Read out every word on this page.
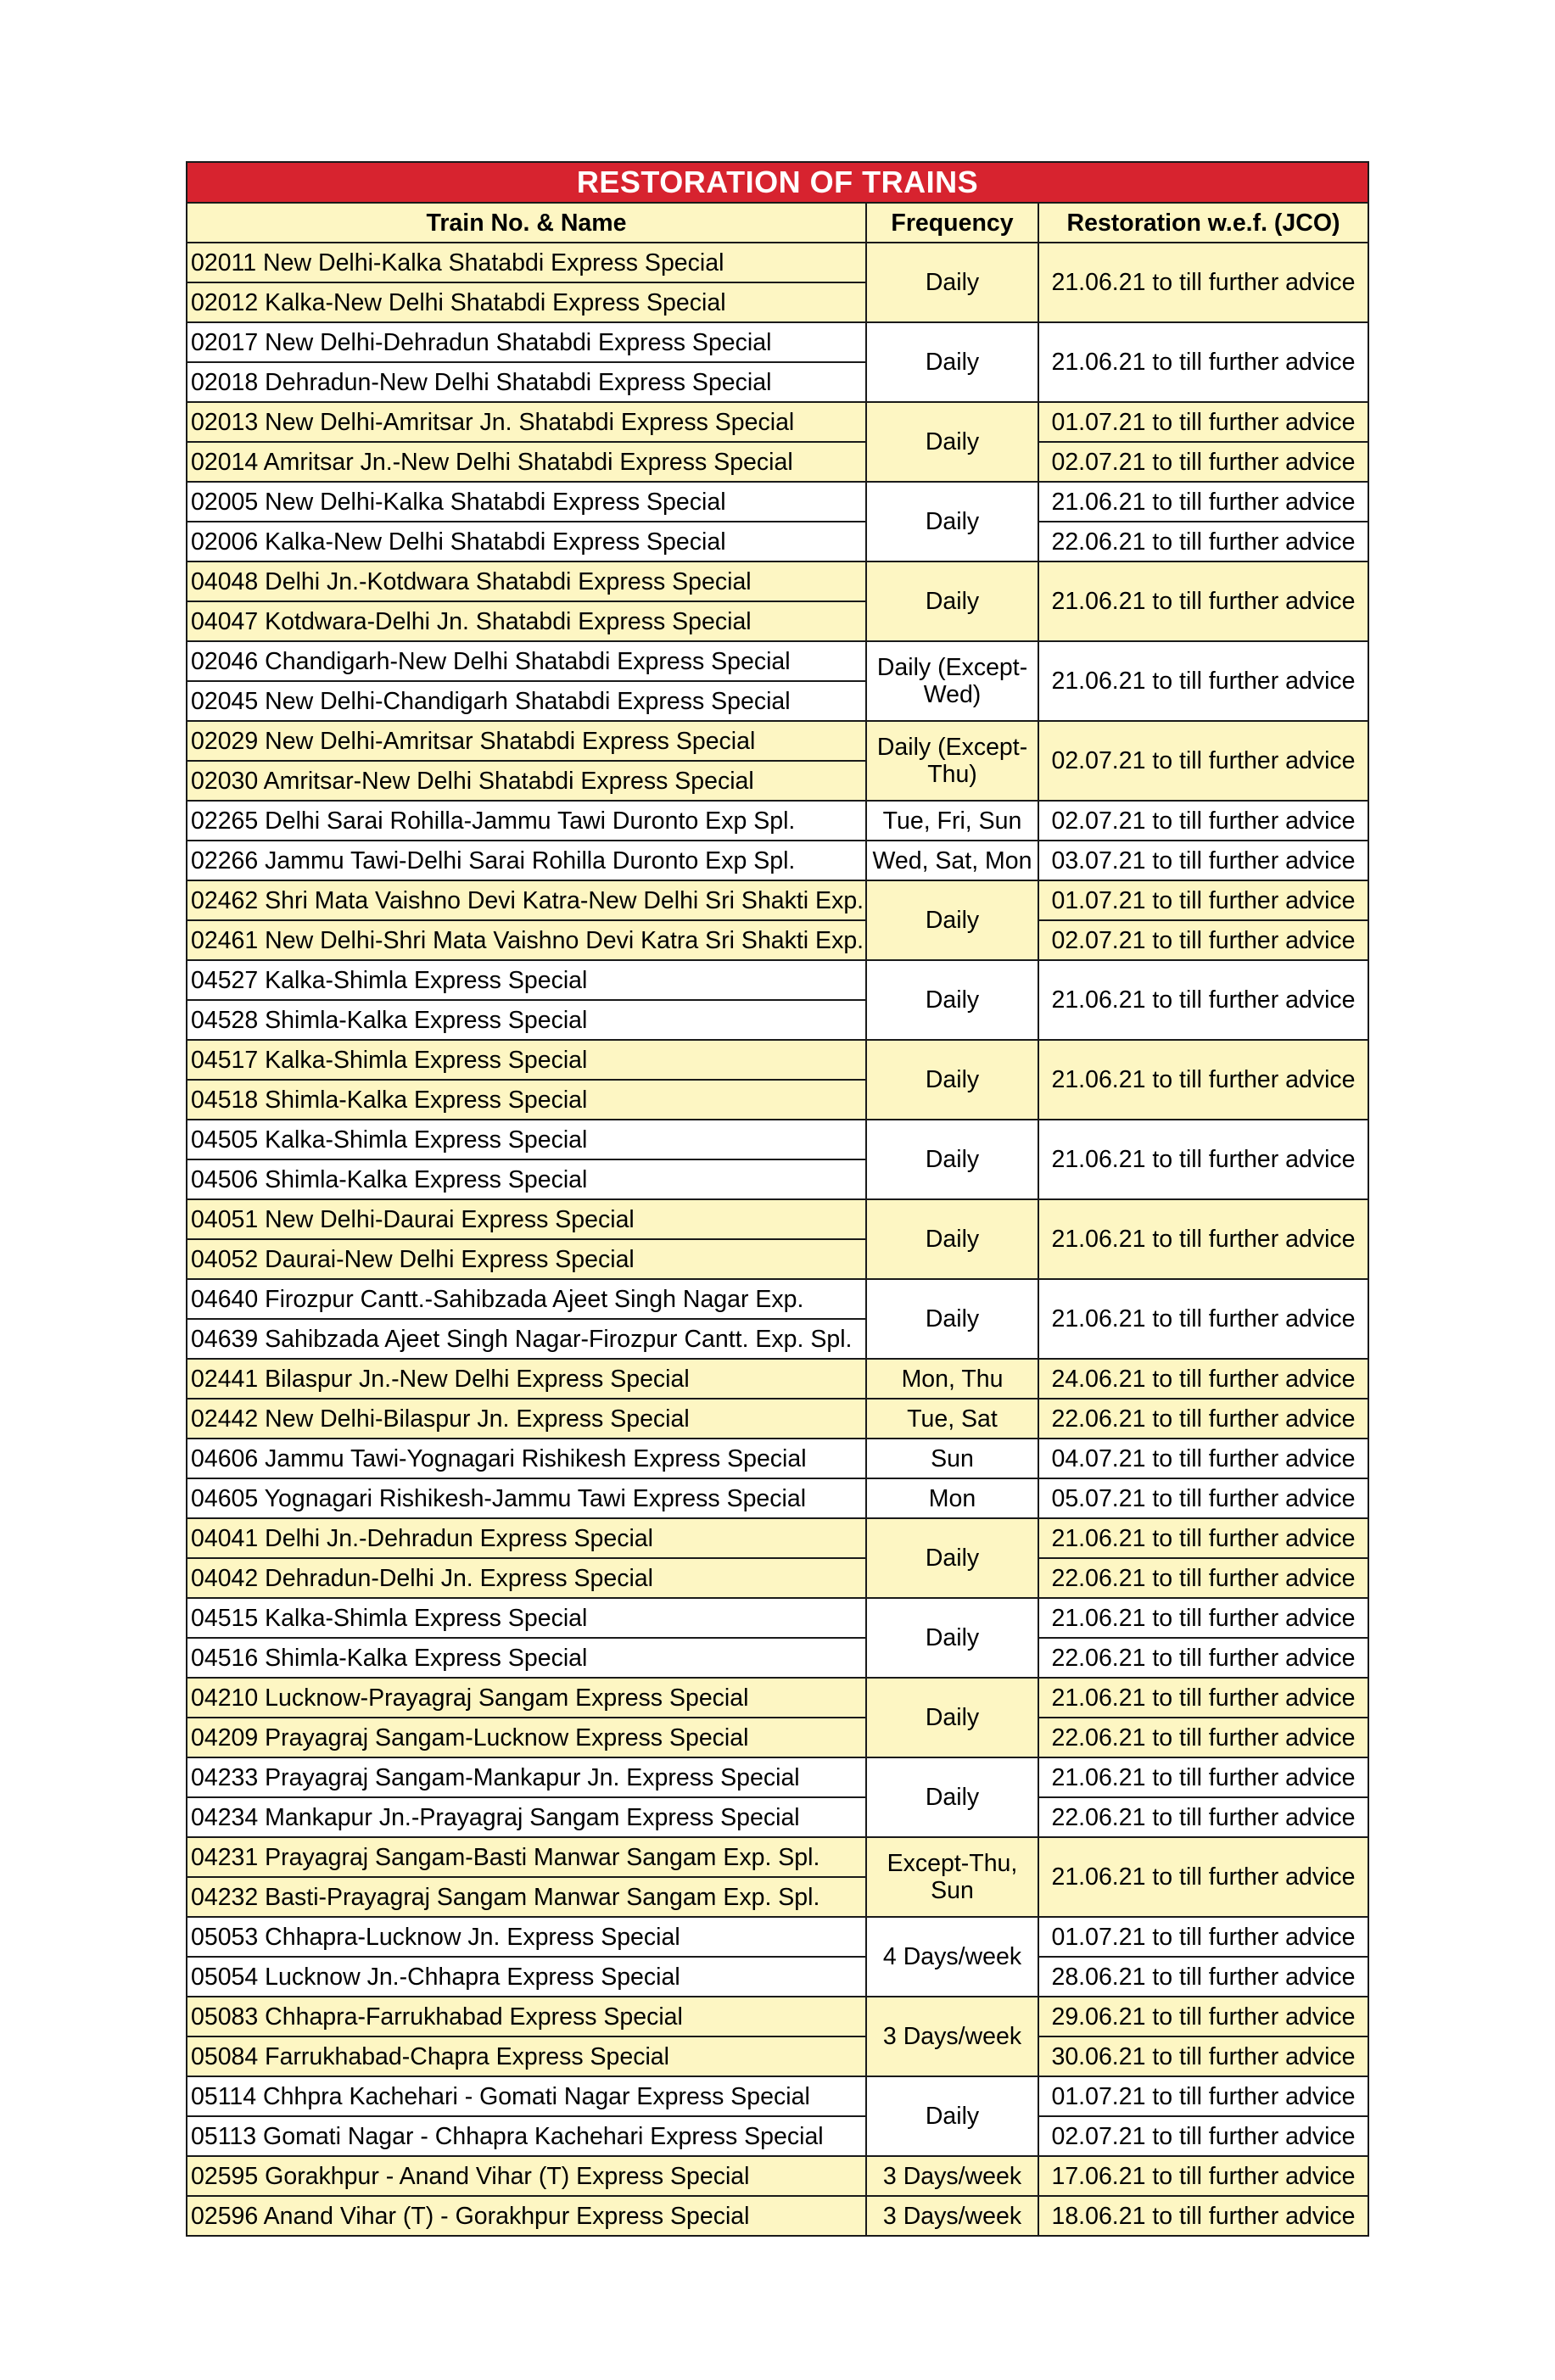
RESTORATION OF TRAINS		
Train No. & Name	Frequency	Restoration w.e.f. (JCO)
02011 New Delhi-Kalka Shatabdi Express Special	Daily	21.06.21 to till further advice
02012 Kalka-New Delhi Shatabdi Express Special		
02017 New Delhi-Dehradun Shatabdi Express Special	Daily	21.06.21 to till further advice
02018 Dehradun-New Delhi Shatabdi Express Special		
02013 New Delhi-Amritsar Jn. Shatabdi Express Special	Daily	01.07.21 to till further advice
02014 Amritsar Jn.-New Delhi Shatabdi Express Special		02.07.21 to till further advice
02005 New Delhi-Kalka Shatabdi Express Special	Daily	21.06.21 to till further advice
02006 Kalka-New Delhi Shatabdi Express Special		22.06.21 to till further advice
04048 Delhi Jn.-Kotdwara Shatabdi Express Special	Daily	21.06.21 to till further advice
04047 Kotdwara-Delhi Jn. Shatabdi Express Special		
02046 Chandigarh-New Delhi Shatabdi Express Special	Daily (Except-Wed)	21.06.21 to till further advice
02045 New Delhi-Chandigarh Shatabdi Express Special		
02029 New Delhi-Amritsar Shatabdi Express Special	Daily (Except-Thu)	02.07.21 to till further advice
02030 Amritsar-New Delhi Shatabdi Express Special		
02265 Delhi Sarai Rohilla-Jammu Tawi Duronto Exp Spl.	Tue, Fri, Sun	02.07.21 to till further advice
02266 Jammu Tawi-Delhi Sarai Rohilla Duronto Exp Spl.	Wed, Sat, Mon	03.07.21 to till further advice
02462 Shri Mata Vaishno Devi Katra-New Delhi Sri Shakti Exp.	Daily	01.07.21 to till further advice
02461 New Delhi-Shri Mata Vaishno Devi Katra Sri Shakti Exp.		02.07.21 to till further advice
04527 Kalka-Shimla Express Special	Daily	21.06.21 to till further advice
04528 Shimla-Kalka Express Special		
04517 Kalka-Shimla Express Special	Daily	21.06.21 to till further advice
04518 Shimla-Kalka Express Special		
04505 Kalka-Shimla Express Special	Daily	21.06.21 to till further advice
04506 Shimla-Kalka Express Special		
04051 New Delhi-Daurai Express Special	Daily	21.06.21 to till further advice
04052 Daurai-New Delhi Express Special		
04640 Firozpur Cantt.-Sahibzada Ajeet Singh Nagar Exp.	Daily	21.06.21 to till further advice
04639 Sahibzada Ajeet Singh Nagar-Firozpur Cantt. Exp. Spl.		
02441 Bilaspur Jn.-New Delhi Express Special	Mon, Thu	24.06.21 to till further advice
02442 New Delhi-Bilaspur Jn. Express Special	Tue, Sat	22.06.21 to till further advice
04606 Jammu Tawi-Yognagari Rishikesh Express Special	Sun	04.07.21 to till further advice
04605 Yognagari Rishikesh-Jammu Tawi Express Special	Mon	05.07.21 to till further advice
04041 Delhi Jn.-Dehradun Express Special	Daily	21.06.21 to till further advice
04042 Dehradun-Delhi Jn. Express Special		22.06.21 to till further advice
04515 Kalka-Shimla Express Special	Daily	21.06.21 to till further advice
04516 Shimla-Kalka Express Special		22.06.21 to till further advice
04210 Lucknow-Prayagraj Sangam Express Special	Daily	21.06.21 to till further advice
04209 Prayagraj Sangam-Lucknow Express Special		22.06.21 to till further advice
04233 Prayagraj Sangam-Mankapur Jn. Express Special	Daily	21.06.21 to till further advice
04234 Mankapur Jn.-Prayagraj Sangam Express Special		22.06.21 to till further advice
04231 Prayagraj Sangam-Basti Manwar Sangam Exp. Spl.	Except-Thu, Sun	21.06.21 to till further advice
04232 Basti-Prayagraj Sangam Manwar Sangam Exp. Spl.		
05053 Chhapra-Lucknow Jn. Express Special	4 Days/week	01.07.21 to till further advice
05054 Lucknow Jn.-Chhapra Express Special		28.06.21 to till further advice
05083 Chhapra-Farrukhabad Express Special	3 Days/week	29.06.21 to till further advice
05084 Farrukhabad-Chapra Express Special		30.06.21 to till further advice
05114 Chhpra Kachehari - Gomati Nagar Express Special	Daily	01.07.21 to till further advice
05113 Gomati Nagar - Chhapra Kachehari Express Special		02.07.21 to till further advice
02595 Gorakhpur - Anand Vihar (T) Express Special	3 Days/week	17.06.21 to till further advice
02596 Anand Vihar (T) - Gorakhpur Express Special	3 Days/week	18.06.21 to till further advice
